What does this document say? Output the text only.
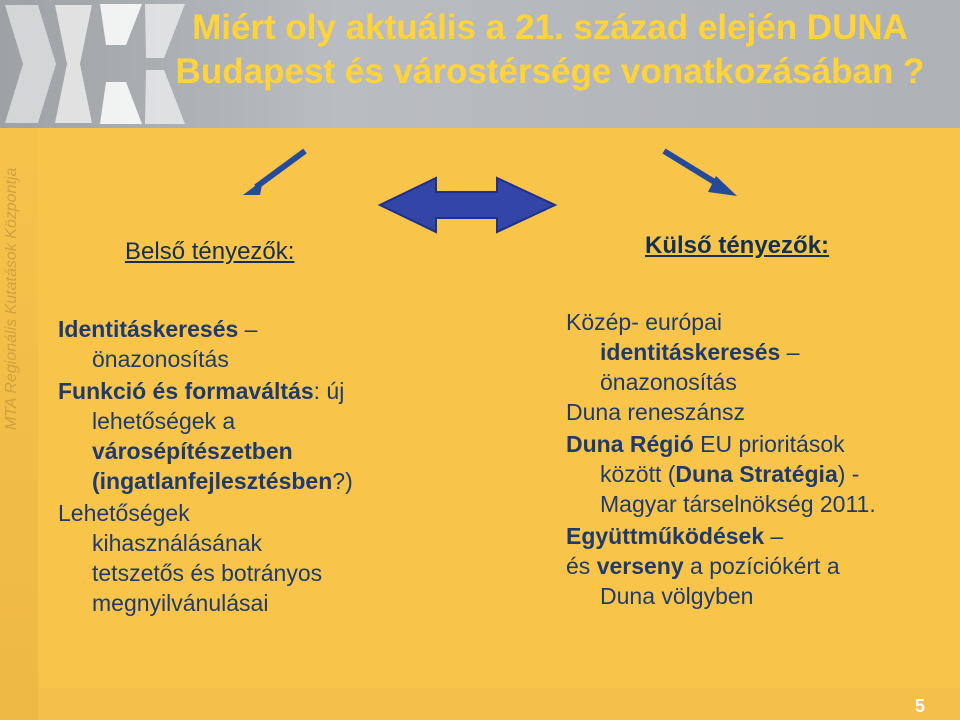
Miért oly aktuális a 21. század elején DUNA
Budapest és várostérsége vonatkozásában ?
MTA Regionális Kutatások Központja	Belső tényezők:	Külső tényezők:
Identitáskeresés –
önazonosítás
Funkció és formaváltás: új
lehetőségek a
városépítészetben
(ingatlanfejlesztésben?)
Lehetőségek
kihasználásának
tetszetős és botrányos
megnyilvánulásai
Közép- európai
identitáskeresés –
önazonosítás
Duna reneszánsz
Duna Régió EU prioritások
között (Duna Stratégia) -
Magyar társelnökség 2011.
Együttműködések –
és verseny a pozíciókért a
Duna völgyben
5
